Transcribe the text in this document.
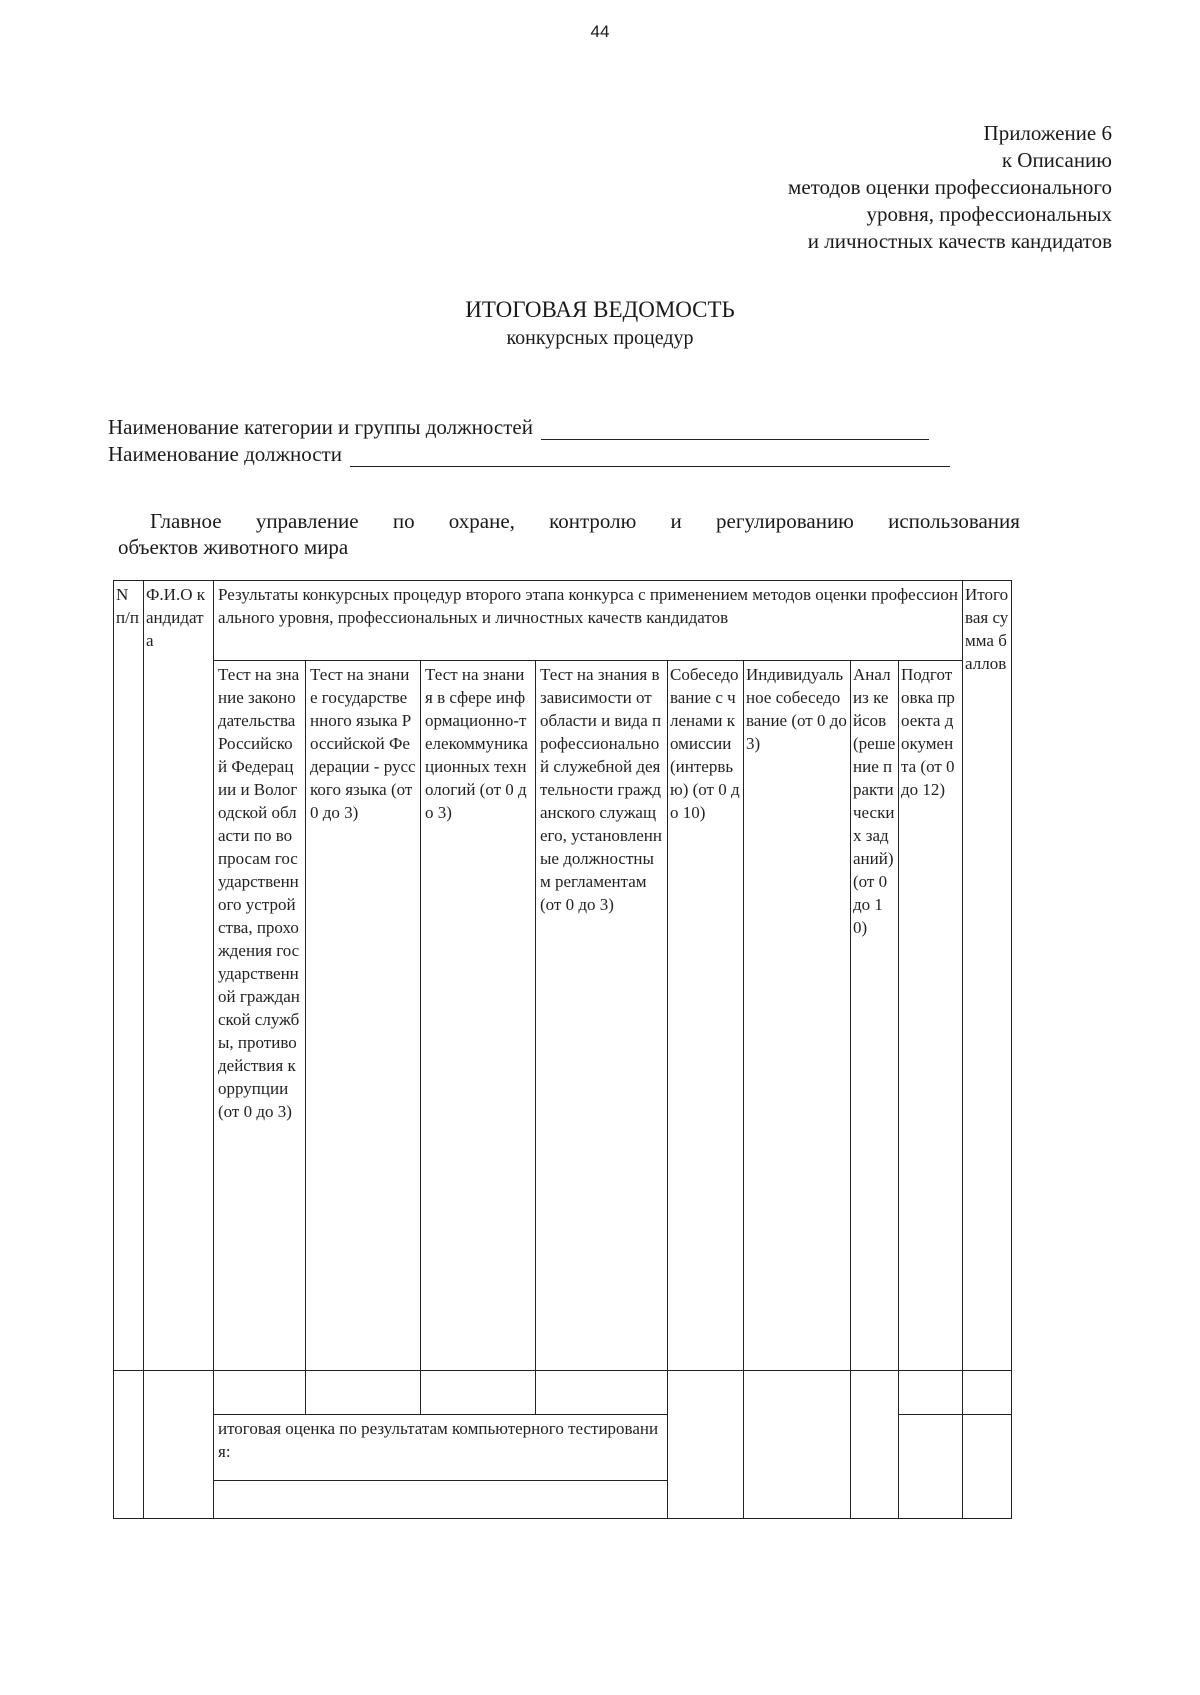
44
Приложение 6
к Описанию
методов оценки профессионального
уровня, профессиональных
и личностных качеств кандидатов
ИТОГОВАЯ ВЕДОМОСТЬ
конкурсных процедур
Наименование категории и группы должностей
Наименование должности
Главное управление по охране, контролю и регулированию использования
объектов животного мира
N п/п	Ф.И.О кандидата	Результаты конкурсных процедур второго этапа конкурса с применением методов оценки профессионального уровня, профессиональных и личностных качеств кандидатов								Итоговая сумма баллов
		Тест на знание законодательства Российской Федерации и Вологодской области по вопросам государственного устройства, прохождения государственной гражданской службы, противодействия коррупции (от 0 до 3)	Тест на знание государственного языка Российской Федерации - русского языка (от 0 до 3)	Тест на знания в сфере информационно-телекоммуникационных технологий (от 0 до 3)	Тест на знания в зависимости от области и вида профессиональной служебной деятельности гражданского служащего, установленные должностным регламентам (от 0 до 3)	Собеседование с членами комиссии (интервью) (от 0 до 10)	Индивидуальное собеседование (от 0 до 3)	Анализ кейсов (решение практических заданий) (от 0 до 10)	Подготовка проекта документа (от 0 до 12)	

		итоговая оценка по результатам компьютерного тестирования:								
